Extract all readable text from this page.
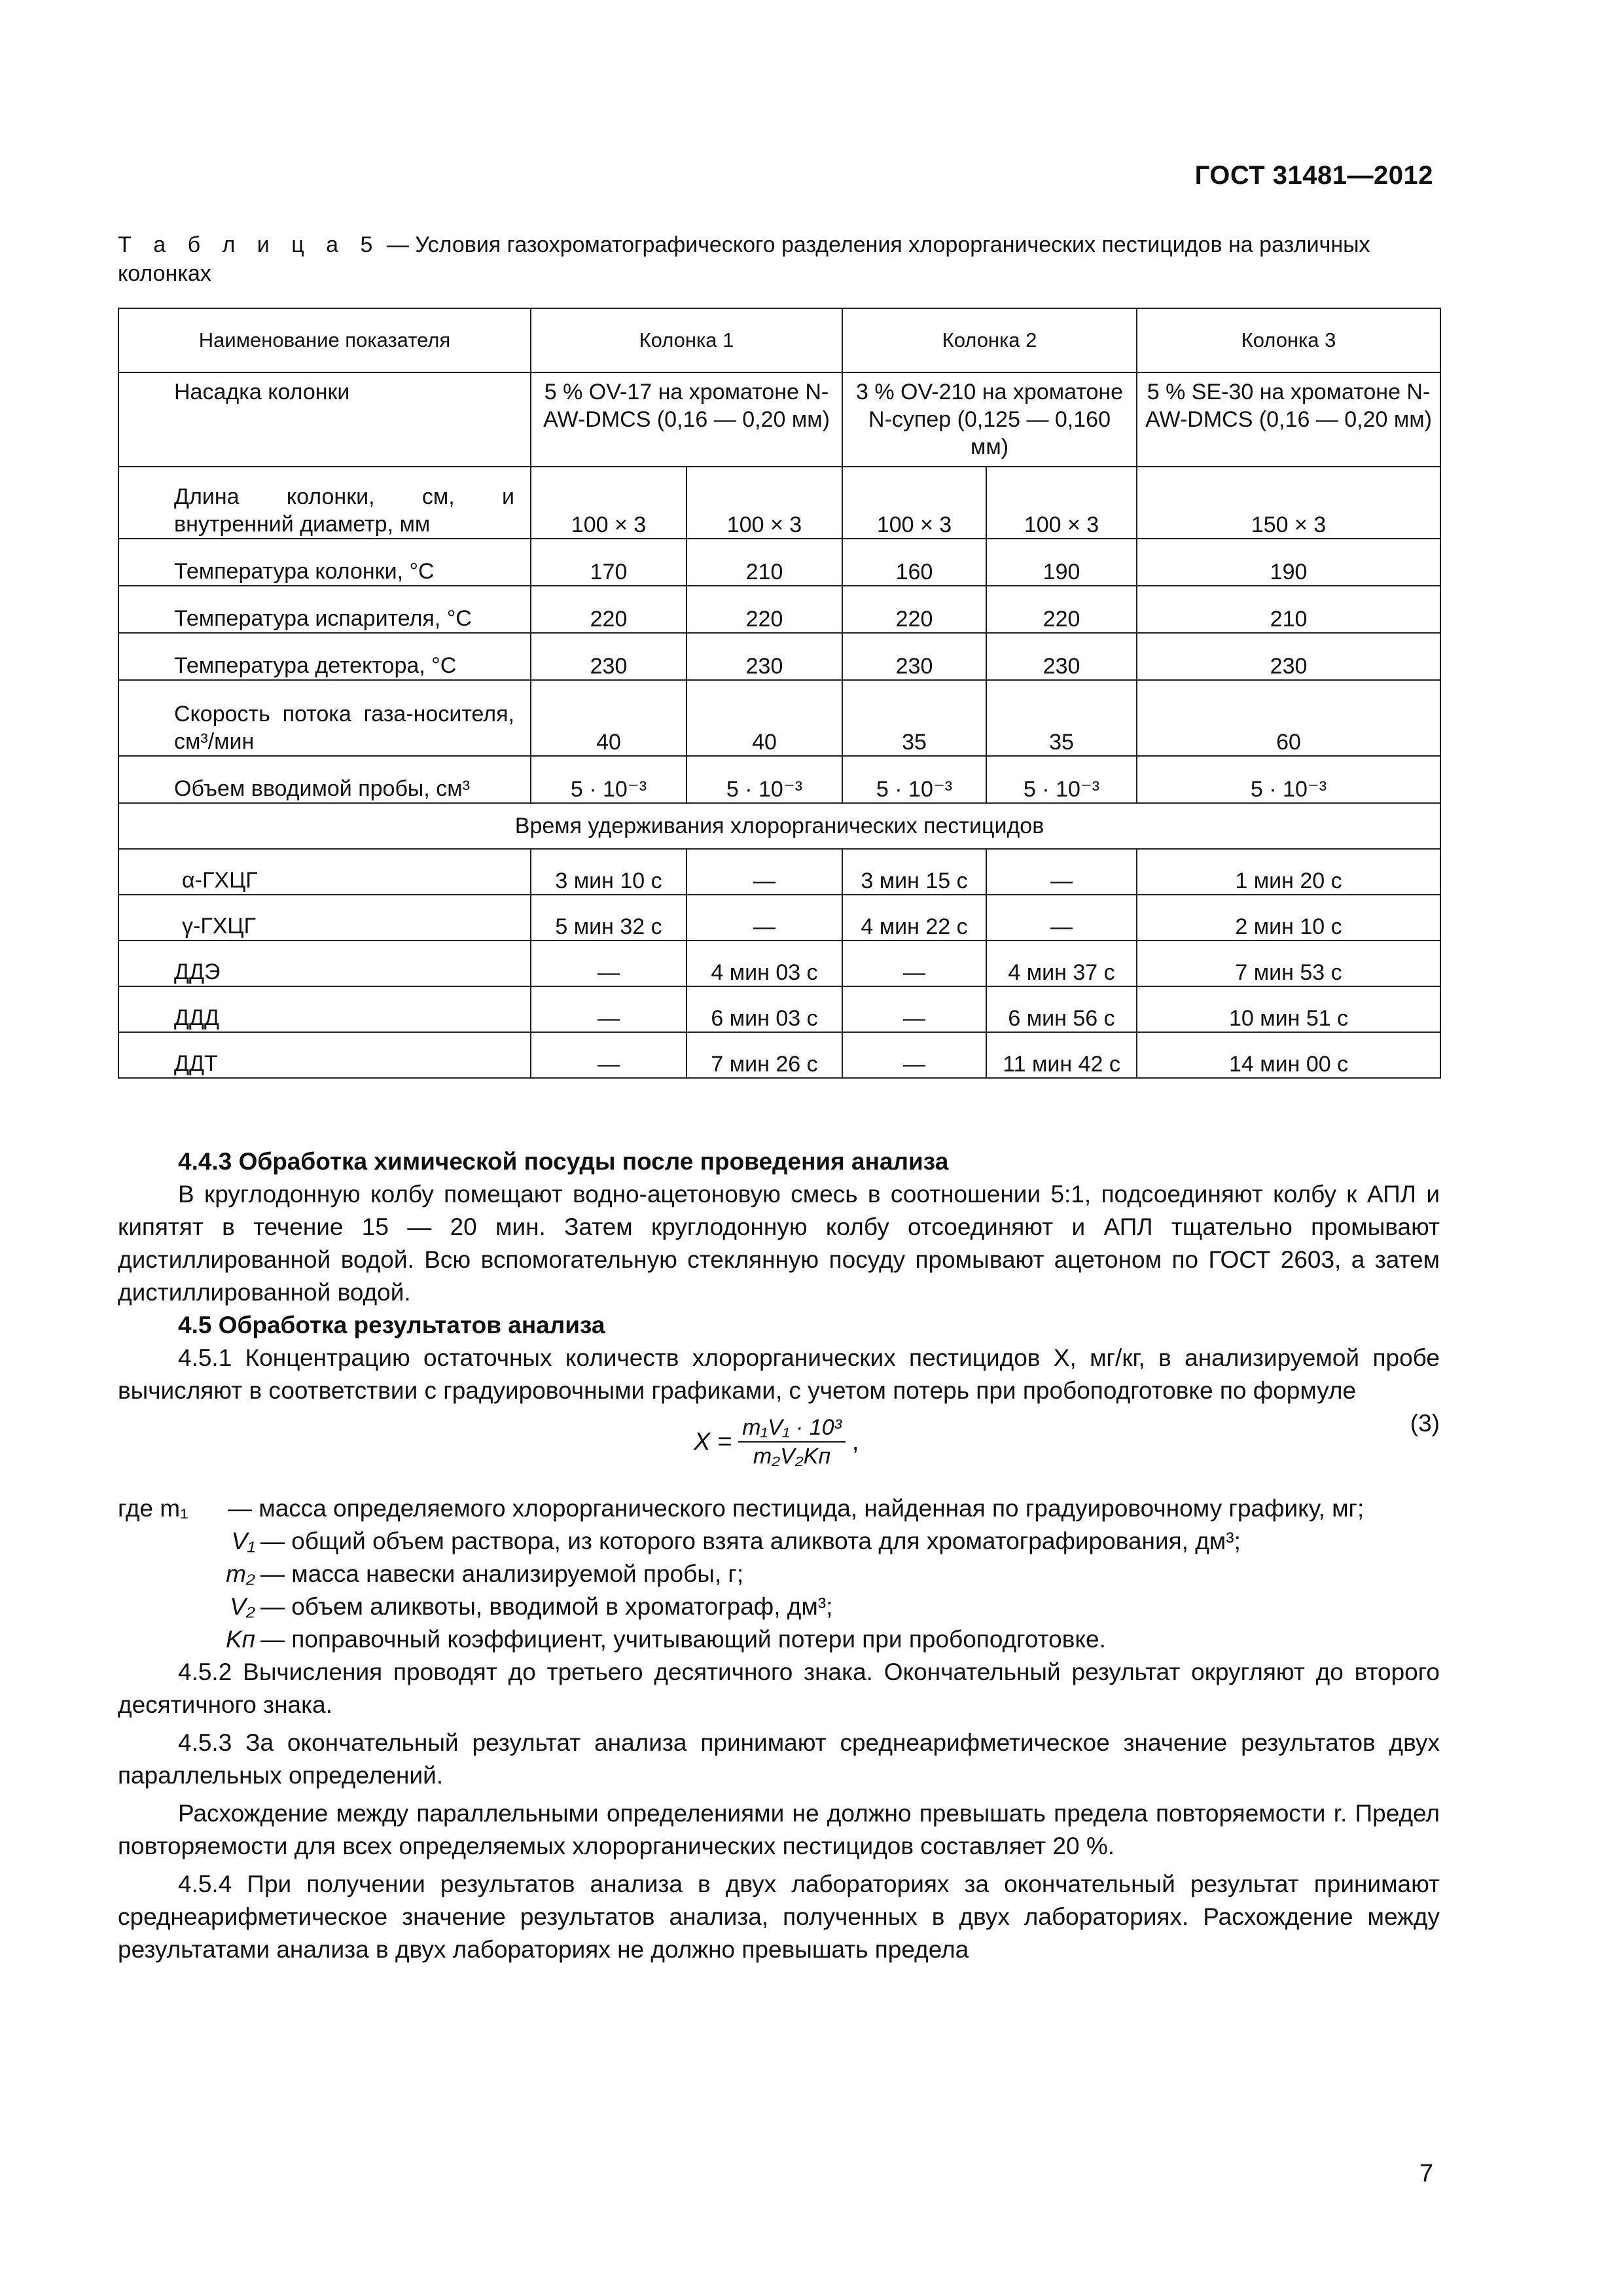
ГОСТ 31481—2012
Т а б л и ц а 5 — Условия газохроматографического разделения хлорорганических пестицидов на различных колонках
Наименование показателя	Колонка 1		Колонка 2		Колонка 3
Насадка колонки	5 % OV-17 на хроматоне N-AW-DMCS (0,16 — 0,20 мм)		3 % OV-210 на хроматоне N-супер (0,125 — 0,160 мм)		5 % SE-30 на хроматоне N-AW-DMCS (0,16 — 0,20 мм)
Длина колонки, см, и внутренний диаметр, мм	100 × 3	100 × 3	100 × 3	100 × 3	150 × 3
Температура колонки, °С	170	210	160	190	190
Температура испарителя, °С	220	220	220	220	210
Температура детектора, °С	230	230	230	230	230
Скорость потока газа-носителя, см³/мин	40	40	35	35	60
Объем вводимой пробы, см³	5 · 10⁻³	5 · 10⁻³	5 · 10⁻³	5 · 10⁻³	5 · 10⁻³
Время удерживания хлорорганических пестицидов					
α-ГХЦГ	3 мин 10 с	—	3 мин 15 с	—	1 мин 20 с
γ-ГХЦГ	5 мин 32 с	—	4 мин 22 с	—	2 мин 10 с
ДДЭ	—	4 мин 03 с	—	4 мин 37 с	7 мин 53 с
ДДД	—	6 мин 03 с	—	6 мин 56 с	10 мин 51 с
ДДТ	—	7 мин 26 с	—	11 мин 42 с	14 мин 00 с

4.4.3 Обработка химической посуды после проведения анализа

В круглодонную колбу помещают водно-ацетоновую смесь в соотношении 5:1, подсоединяют колбу к АПЛ и кипятят в течение 15 — 20 мин. Затем круглодонную колбу отсоединяют и АПЛ тщательно промывают дистиллированной водой. Всю вспомогательную стеклянную посуду промывают ацетоном по ГОСТ 2603, а затем дистиллированной водой.

4.5 Обработка результатов анализа

4.5.1 Концентрацию остаточных количеств хлорорганических пестицидов X, мг/кг, в анализируемой пробе вычисляют в соответствии с градуировочными графиками, с учетом потерь при пробоподготовке по формуле

$X = \frac{\text{m₁V₁ · 10³}}{\text{m₂V₂Kп}}$ ,
(3)
где m₁	— масса определяемого хлорорганического пестицида, найденная по градуировочному графику, мг;
V₁ — общий объем раствора, из которого взята аликвота для хроматографирования, дм³;
m₂ — масса навески анализируемой пробы, г;
V₂ — объем аликвоты, вводимой в хроматограф, дм³;
Kп — поправочный коэффициент, учитывающий потери при пробоподготовке.

4.5.2 Вычисления проводят до третьего десятичного знака. Окончательный результат округляют до второго десятичного знака.

4.5.3 За окончательный результат анализа принимают среднеарифметическое значение результатов двух параллельных определений.

Расхождение между параллельными определениями не должно превышать предела повторяемости r. Предел повторяемости для всех определяемых хлорорганических пестицидов составляет 20 %.

4.5.4 При получении результатов анализа в двух лабораториях за окончательный результат принимают среднеарифметическое значение результатов анализа, полученных в двух лабораториях. Расхождение между результатами анализа в двух лабораториях не должно превышать предела

7
